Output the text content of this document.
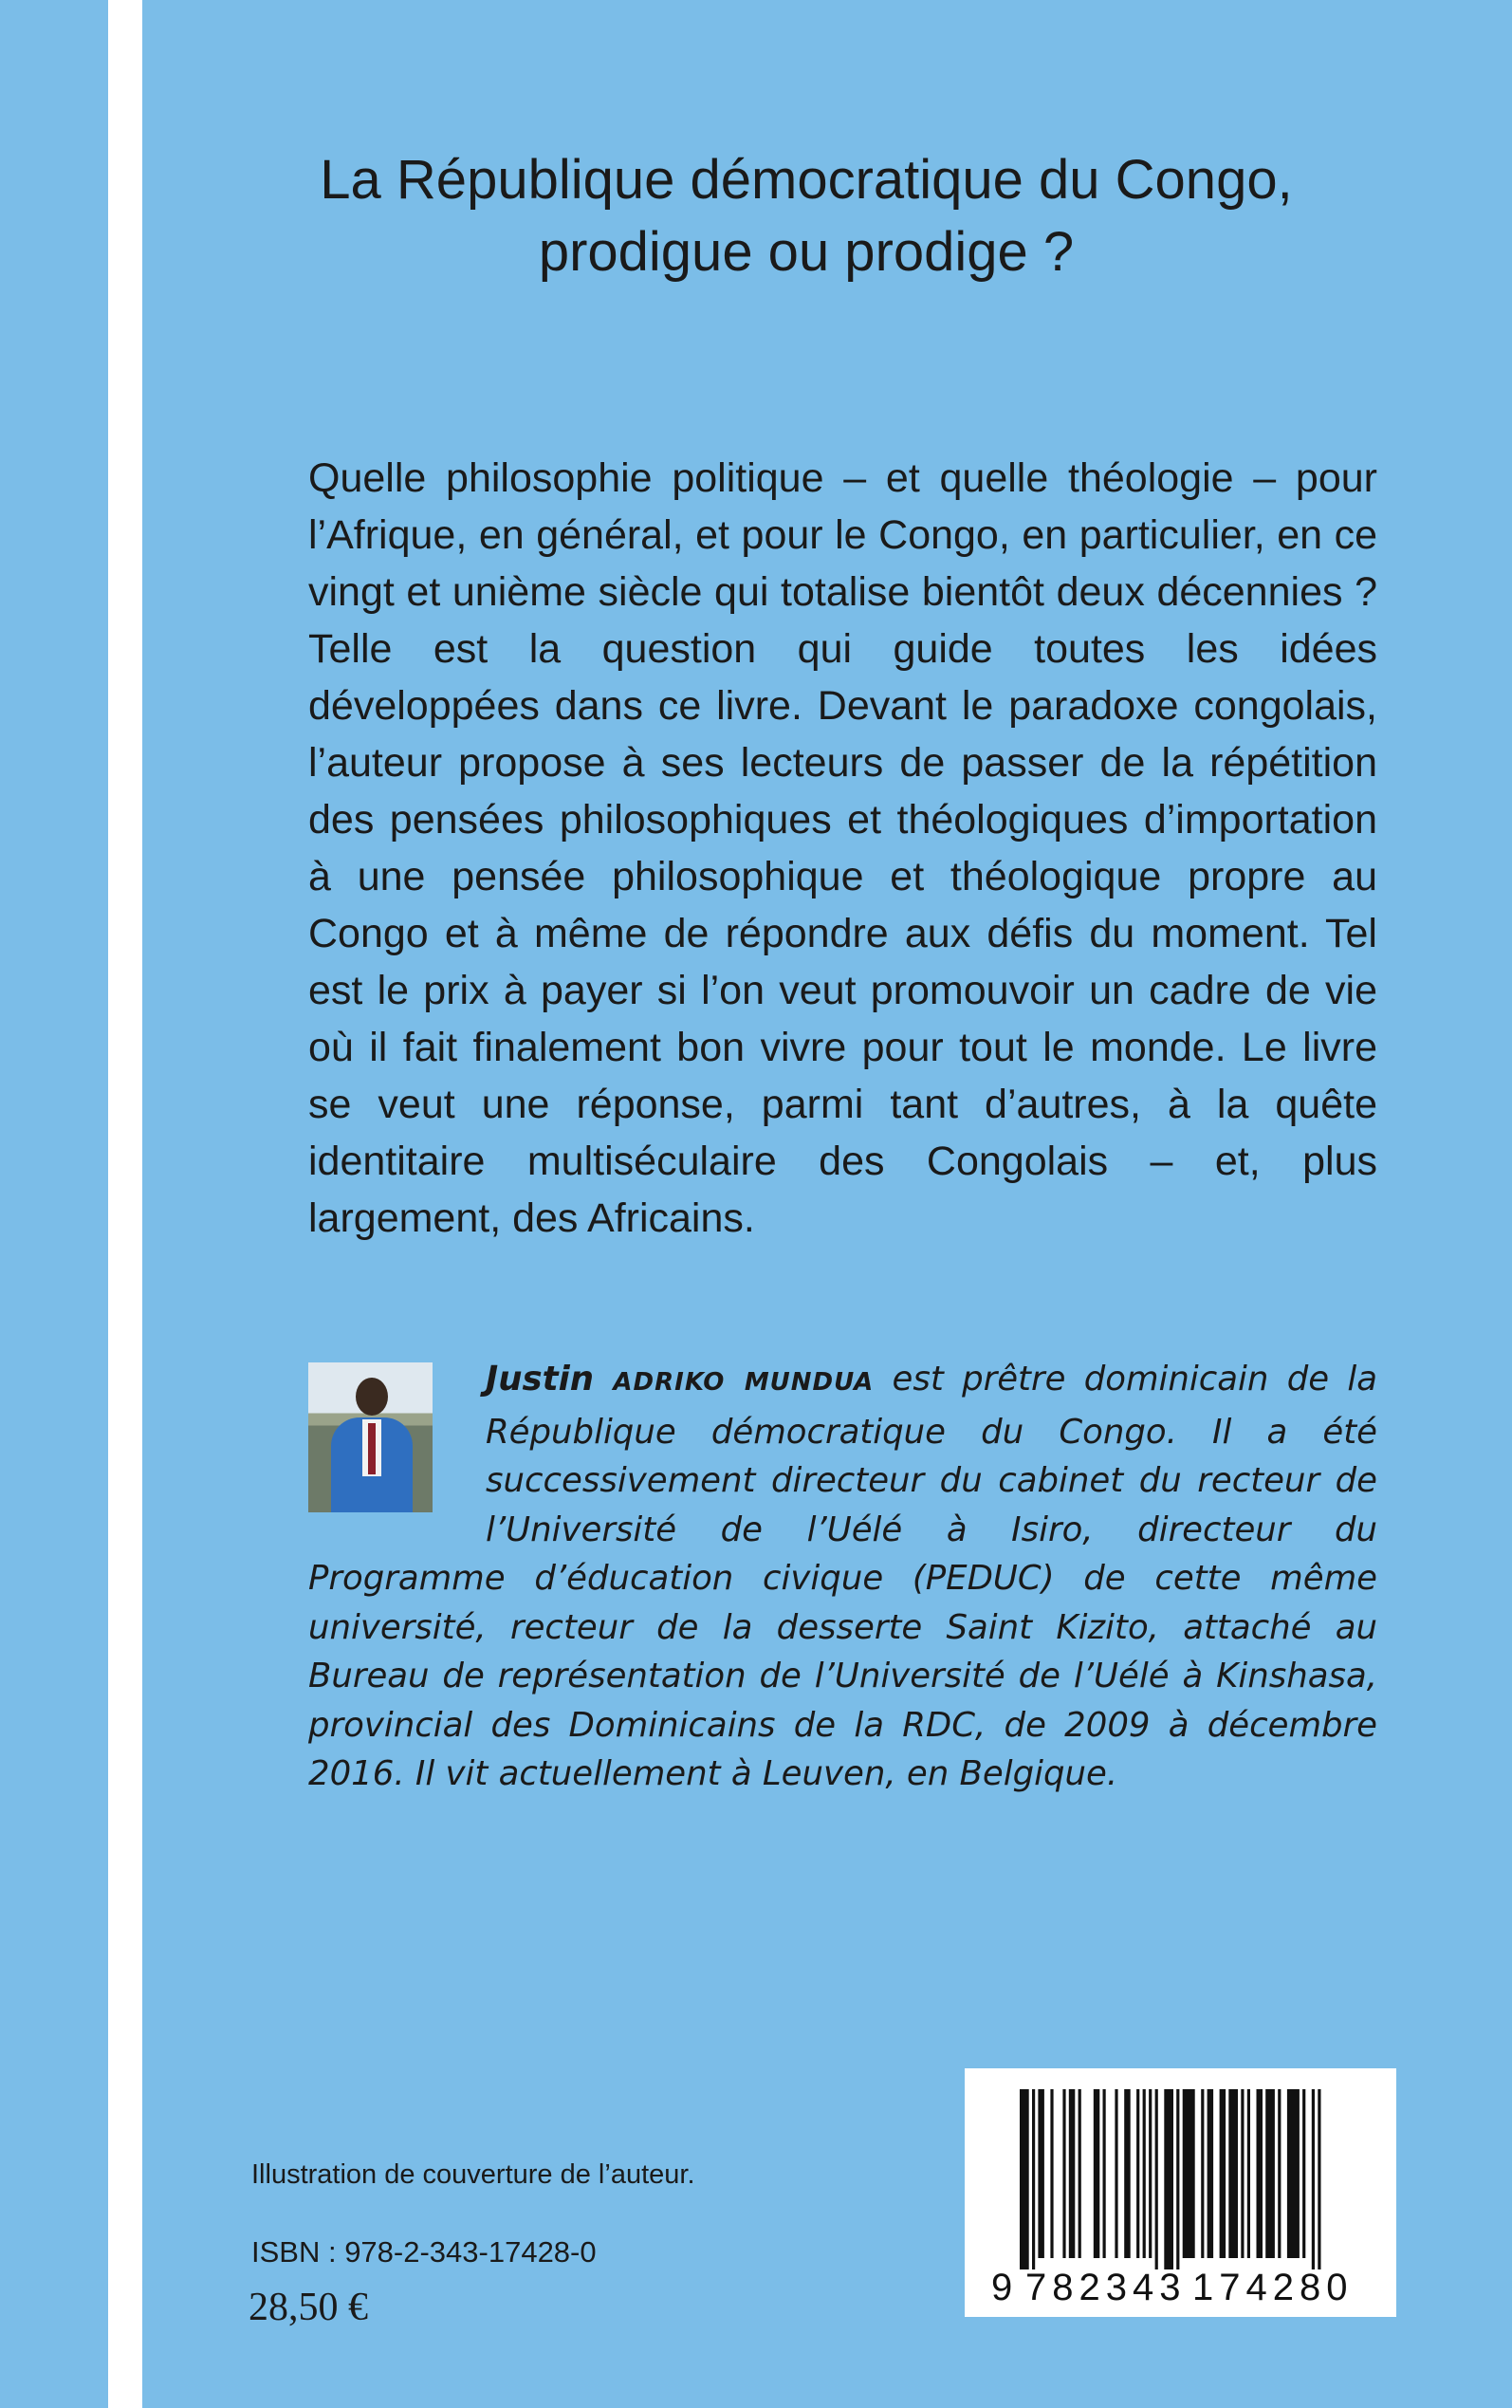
La République démocratique du Congo,
prodigue ou prodige ?

Quelle philosophie politique – et quelle théologie – pour l’Afrique, en général, et pour le Congo, en particulier, en ce vingt et unième siècle qui totalise bientôt deux décennies ? Telle est la question qui guide toutes les idées développées dans ce livre. Devant le paradoxe congolais, l’auteur propose à ses lecteurs de passer de la répétition des pensées philosophiques et théologiques d’importation à une pensée philosophique et théologique propre au Congo et à même de répondre aux défis du moment. Tel est le prix à payer si l’on veut promouvoir un cadre de vie où il fait finalement bon vivre pour tout le monde. Le livre se veut une réponse, parmi tant d’autres, à la quête identitaire multiséculaire des Congolais – et, plus largement, des Africains.

Justin ADRIKO MUNDUA est prêtre dominicain de la République démocratique du Congo. Il a été successivement directeur du cabinet du recteur de l’Université de l’Uélé à Isiro, directeur du Programme d’éducation civique (PEDUC) de cette même université, recteur de la desserte Saint Kizito, attaché au Bureau de représentation de l’Université de l’Uélé à Kinshasa, provincial des Dominicains de la RDC, de 2009 à décembre 2016. Il vit actuellement à Leuven, en Belgique.

Illustration de couverture de l’auteur.

ISBN : 978-2-343-17428-0

28,50 €	9 782343 174280
